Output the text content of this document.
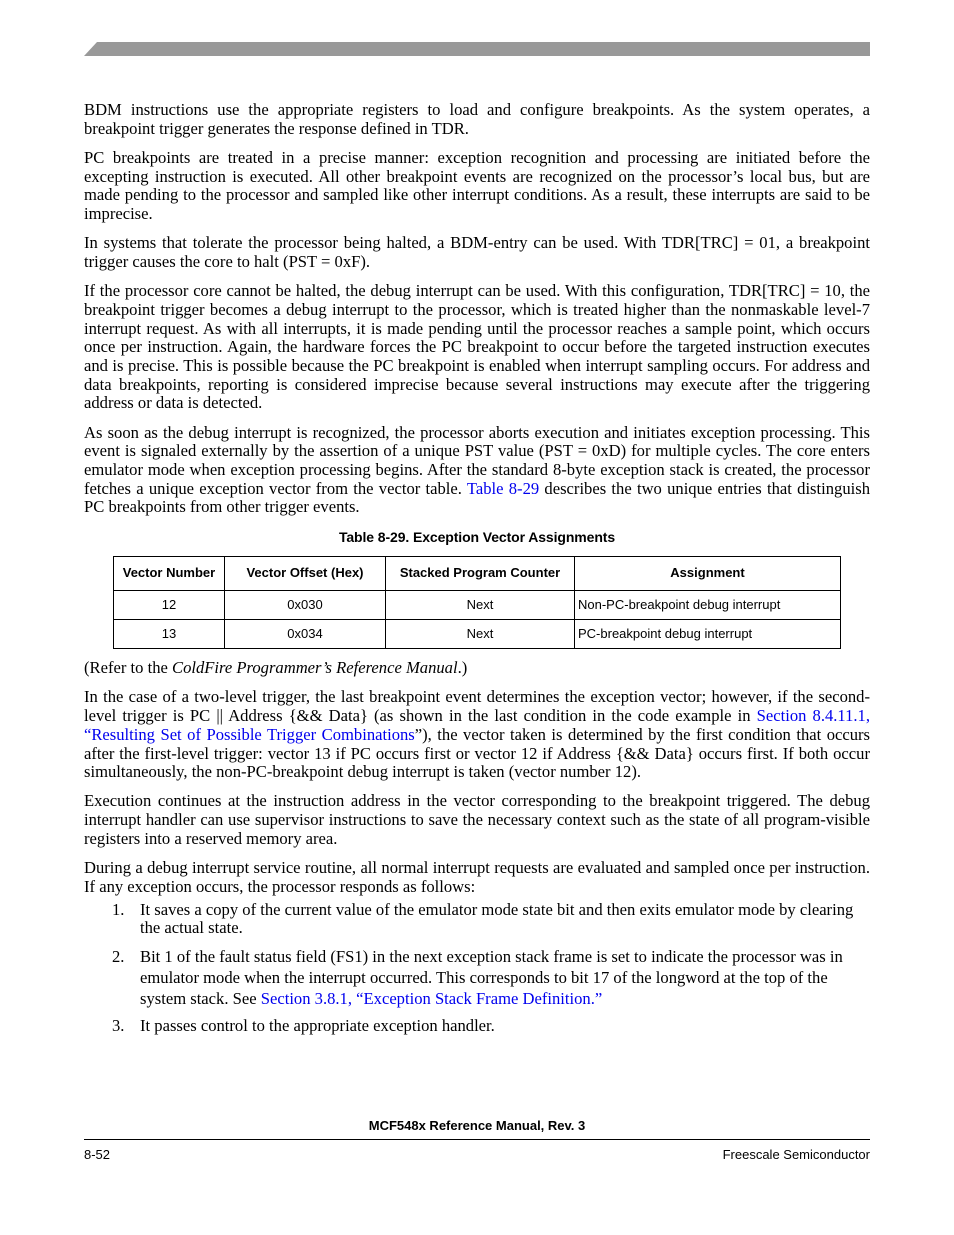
BDM instructions use the appropriate registers to load and configure breakpoints. As the system operates, a breakpoint trigger generates the response defined in TDR.

PC breakpoints are treated in a precise manner: exception recognition and processing are initiated before the excepting instruction is executed. All other breakpoint events are recognized on the processor’s local bus, but are made pending to the processor and sampled like other interrupt conditions. As a result, these interrupts are said to be imprecise.

In systems that tolerate the processor being halted, a BDM-entry can be used. With TDR[TRC] = 01, a breakpoint trigger causes the core to halt (PST = 0xF).

If the processor core cannot be halted, the debug interrupt can be used. With this configuration, TDR[TRC] = 10, the breakpoint trigger becomes a debug interrupt to the processor, which is treated higher than the nonmaskable level-7 interrupt request. As with all interrupts, it is made pending until the processor reaches a sample point, which occurs once per instruction. Again, the hardware forces the PC breakpoint to occur before the targeted instruction executes and is precise. This is possible because the PC breakpoint is enabled when interrupt sampling occurs. For address and data breakpoints, reporting is considered imprecise because several instructions may execute after the triggering address or data is detected.

As soon as the debug interrupt is recognized, the processor aborts execution and initiates exception processing. This event is signaled externally by the assertion of a unique PST value (PST = 0xD) for multiple cycles. The core enters emulator mode when exception processing begins. After the standard 8-byte exception stack is created, the processor fetches a unique exception vector from the vector table. Table 8-29 describes the two unique entries that distinguish PC breakpoints from other trigger events.

Table 8-29. Exception Vector Assignments
Vector Number	Vector Offset (Hex)	Stacked Program Counter	Assignment
12	0x030	Next	Non-PC-breakpoint debug interrupt
13	0x034	Next	PC-breakpoint debug interrupt

(Refer to the ColdFire Programmer’s Reference Manual.)

In the case of a two-level trigger, the last breakpoint event determines the exception vector; however, if the second-level trigger is PC || Address {&& Data} (as shown in the last condition in the code example in Section 8.4.11.1, “Resulting Set of Possible Trigger Combinations”), the vector taken is determined by the first condition that occurs after the first-level trigger: vector 13 if PC occurs first or vector 12 if Address {&& Data} occurs first. If both occur simultaneously, the non-PC-breakpoint debug interrupt is taken (vector number 12).

Execution continues at the instruction address in the vector corresponding to the breakpoint triggered. The debug interrupt handler can use supervisor instructions to save the necessary context such as the state of all program-visible registers into a reserved memory area.

During a debug interrupt service routine, all normal interrupt requests are evaluated and sampled once per instruction. If any exception occurs, the processor responds as follows:

1. It saves a copy of the current value of the emulator mode state bit and then exits emulator mode by clearing the actual state.
2. Bit 1 of the fault status field (FS1) in the next exception stack frame is set to indicate the processor was in emulator mode when the interrupt occurred. This corresponds to bit 17 of the longword at the top of the system stack. See Section 3.8.1, “Exception Stack Frame Definition.”
3. It passes control to the appropriate exception handler.
MCF548x Reference Manual, Rev. 3
8-52	Freescale Semiconductor
